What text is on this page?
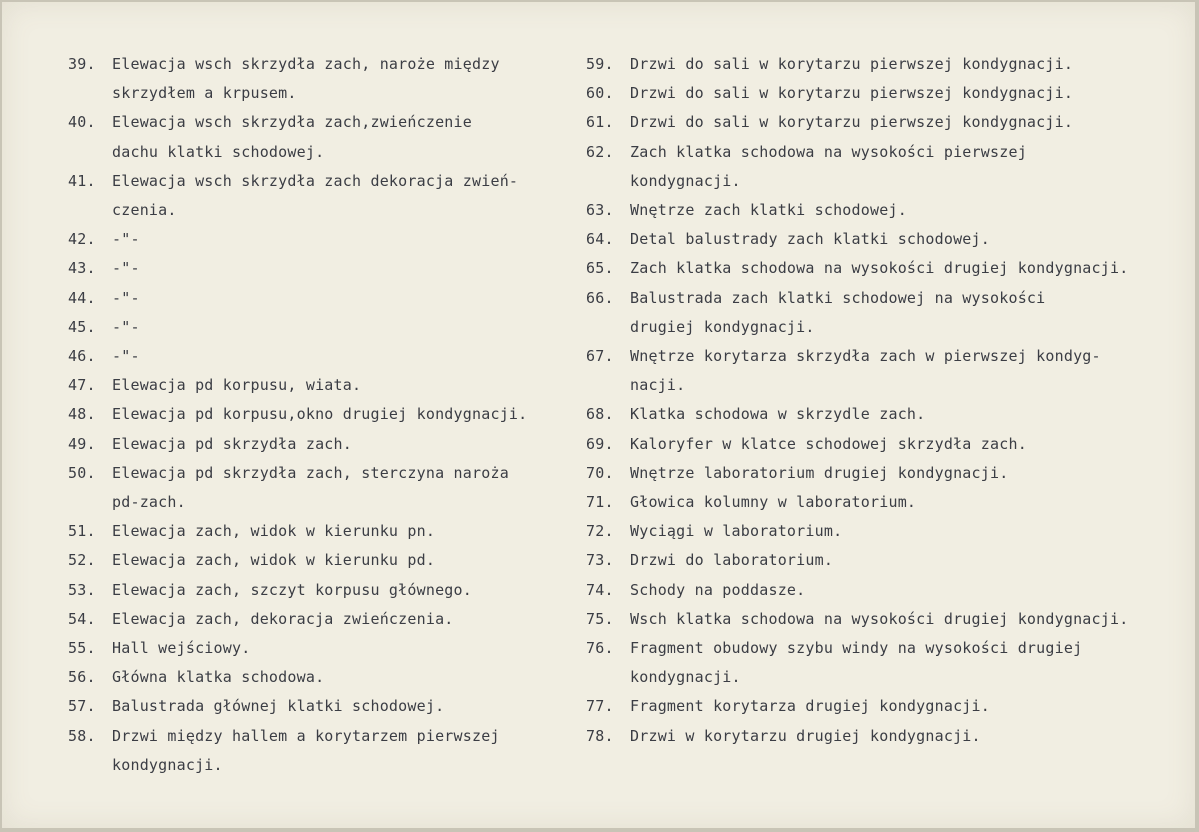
39.	Elewacja wsch skrzydła zach, naroże między
skrzydłem a krpusem.
40.	Elewacja wsch skrzydła zach,zwieńczenie
dachu klatki schodowej.
41.	Elewacja wsch skrzydła zach dekoracja zwień-
czenia.
42.	-"-
43.	-"-
44.	-"-
45.	-"-
46.	-"-
47.	Elewacja pd korpusu, wiata.
48.	Elewacja pd korpusu,okno drugiej kondygnacji.
49.	Elewacja pd skrzydła zach.
50.	Elewacja pd skrzydła zach, sterczyna naroża
pd-zach.
51.	Elewacja zach, widok w kierunku pn.
52.	Elewacja zach, widok w kierunku pd.
53.	Elewacja zach, szczyt korpusu głównego.
54.	Elewacja zach, dekoracja zwieńczenia.
55.	Hall wejściowy.
56.	Główna klatka schodowa.
57.	Balustrada głównej klatki schodowej.
58.	Drzwi między hallem a korytarzem pierwszej
kondygnacji.
59.	Drzwi do sali w korytarzu pierwszej kondygnacji.
60.	Drzwi do sali w korytarzu pierwszej kondygnacji.
61.	Drzwi do sali w korytarzu pierwszej kondygnacji.
62.	Zach klatka schodowa na wysokości pierwszej
kondygnacji.
63.	Wnętrze zach klatki schodowej.
64.	Detal balustrady zach klatki schodowej.
65.	Zach klatka schodowa na wysokości drugiej kondygnacji.
66.	Balustrada zach klatki schodowej na wysokości
drugiej kondygnacji.
67.	Wnętrze korytarza skrzydła zach w pierwszej kondyg-
nacji.
68.	Klatka schodowa w skrzydle zach.
69.	Kaloryfer w klatce schodowej skrzydła zach.
70.	Wnętrze laboratorium drugiej kondygnacji.
71.	Głowica kolumny w laboratorium.
72.	Wyciągi w laboratorium.
73.	Drzwi do laboratorium.
74.	Schody na poddasze.
75.	Wsch klatka schodowa na wysokości drugiej kondygnacji.
76.	Fragment obudowy szybu windy na wysokości drugiej
kondygnacji.
77.	Fragment korytarza drugiej kondygnacji.
78.	Drzwi w korytarzu drugiej kondygnacji.
